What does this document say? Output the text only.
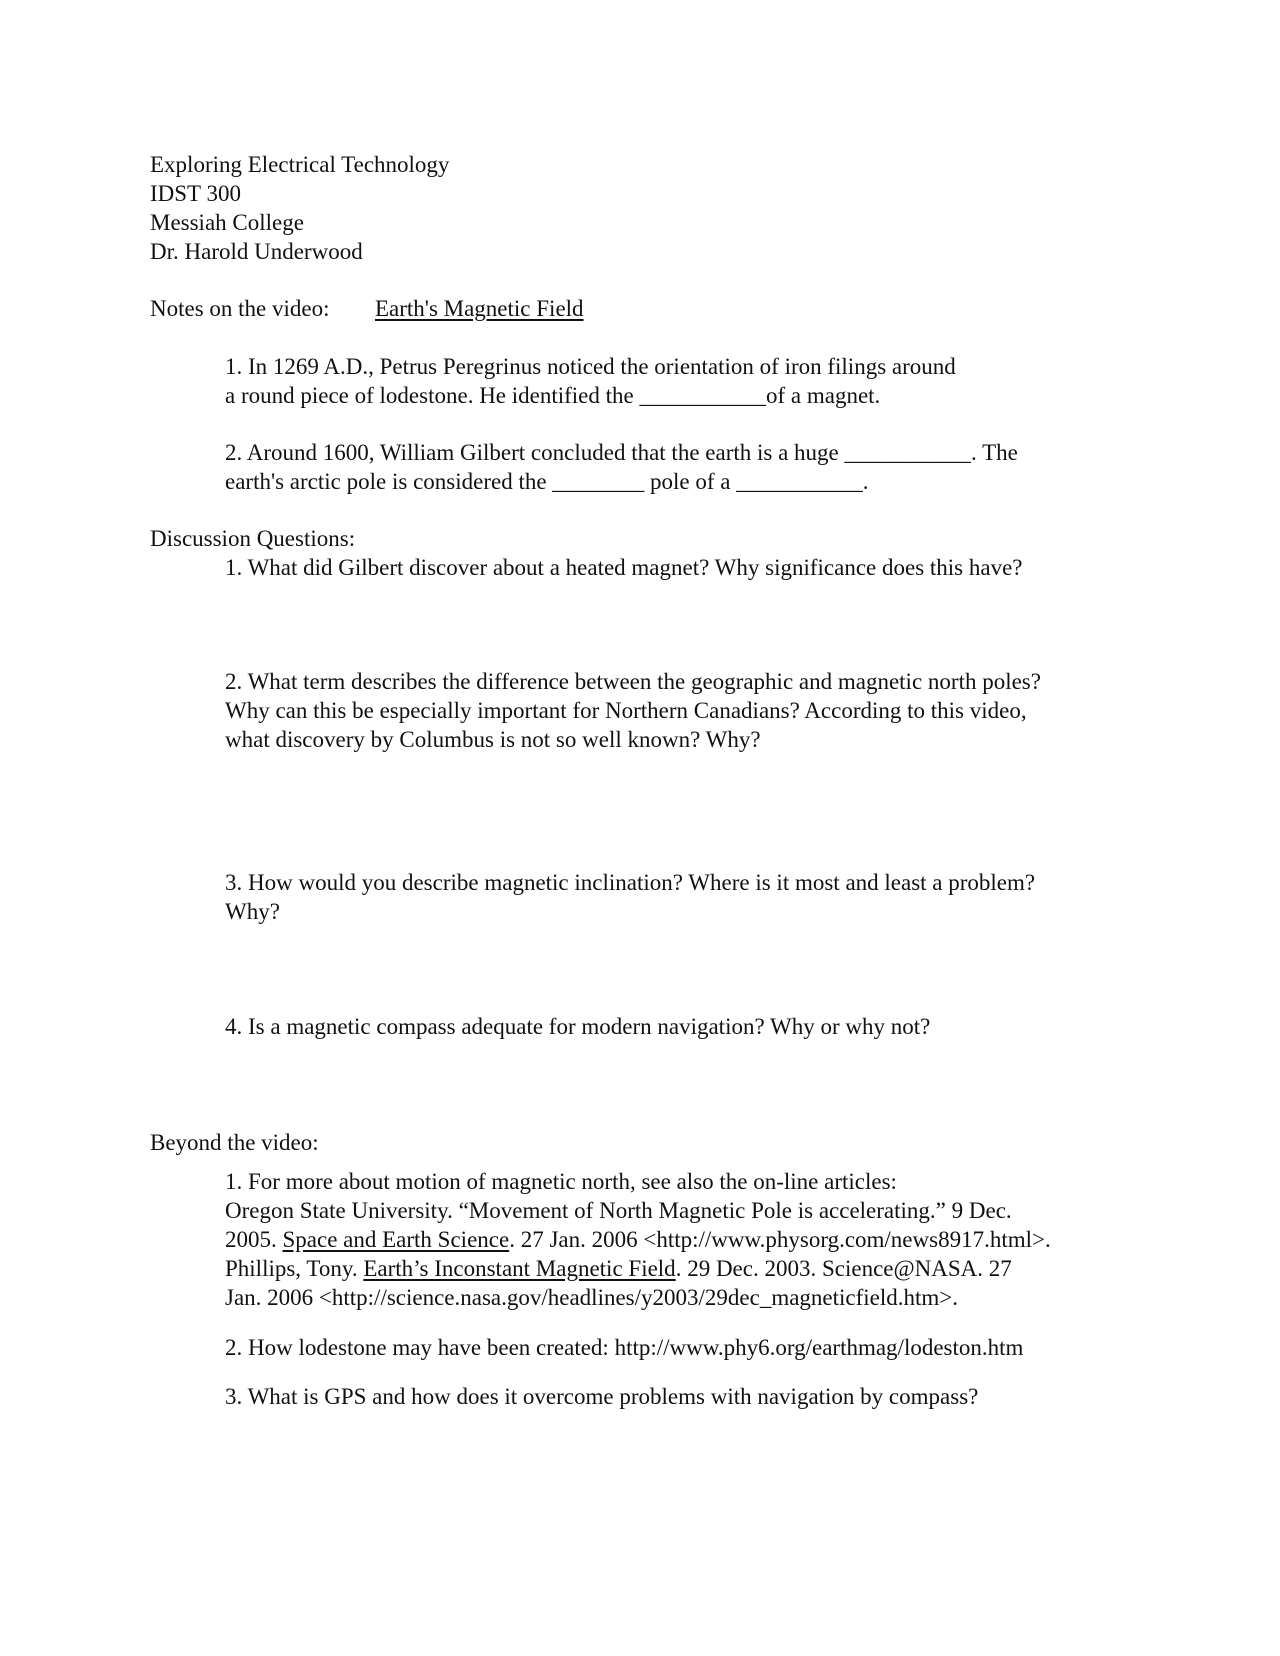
Exploring Electrical Technology
IDST 300
Messiah College
Dr. Harold Underwood
Notes on the video: Earth's Magnetic Field
1. In 1269 A.D., Petrus Peregrinus noticed the orientation of iron filings around
a round piece of lodestone. He identified the ___________of a magnet.
2. Around 1600, William Gilbert concluded that the earth is a huge ___________. The
earth's arctic pole is considered the ________ pole of a ___________.
Discussion Questions:
1. What did Gilbert discover about a heated magnet? Why significance does this have?
2. What term describes the difference between the geographic and magnetic north poles?
Why can this be especially important for Northern Canadians? According to this video,
what discovery by Columbus is not so well known? Why?
3. How would you describe magnetic inclination? Where is it most and least a problem?
Why?
4. Is a magnetic compass adequate for modern navigation? Why or why not?
Beyond the video:
1. For more about motion of magnetic north, see also the on-line articles:
Oregon State University. “Movement of North Magnetic Pole is accelerating.” 9 Dec.
2005. Space and Earth Science. 27 Jan. 2006 <http://www.physorg.com/news8917.html>.
Phillips, Tony. Earth’s Inconstant Magnetic Field. 29 Dec. 2003. Science@NASA. 27
Jan. 2006 <http://science.nasa.gov/headlines/y2003/29dec_magneticfield.htm>.
2. How lodestone may have been created: http://www.phy6.org/earthmag/lodeston.htm
3. What is GPS and how does it overcome problems with navigation by compass?
